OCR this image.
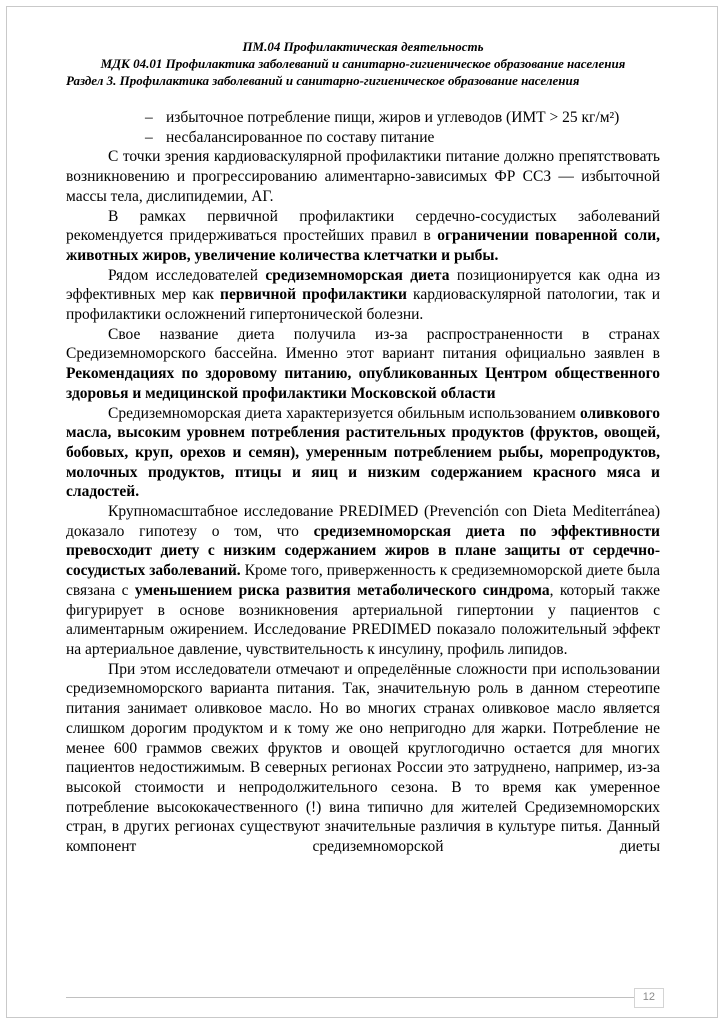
ПМ.04 Профилактическая деятельность
МДК 04.01 Профилактика заболеваний и санитарно-гигиеническое образование населения
Раздел 3. Профилактика заболеваний и санитарно-гигиеническое образование населения

– избыточное потребление пищи, жиров и углеводов (ИМТ > 25 кг/м²)

– несбалансированное по составу питание

С точки зрения кардиоваскулярной профилактики питание должно препятствовать возникновению и прогрессированию алиментарно-зависимых ФР ССЗ — избыточной массы тела, дислипидемии, АГ.

В рамках первичной профилактики сердечно-сосудистых заболеваний рекомендуется придерживаться простейших правил в ограничении поваренной соли, животных жиров, увеличение количества клетчатки и рыбы.

Рядом исследователей средиземноморская диета позиционируется как одна из эффективных мер как первичной профилактики кардиоваскулярной патологии, так и профилактики осложнений гипертонической болезни.

Свое название диета получила из-за распространенности в странах Средиземноморского бассейна. Именно этот вариант питания официально заявлен в Рекомендациях по здоровому питанию, опубликованных Центром общественного здоровья и медицинской профилактики Московской области

Средиземноморская диета характеризуется обильным использованием оливкового масла, высоким уровнем потребления растительных продуктов (фруктов, овощей, бобовых, круп, орехов и семян), умеренным потреблением рыбы, морепродуктов, молочных продуктов, птицы и яиц и низким содержанием красного мяса и сладостей.

Крупномасштабное исследование PREDIMED (Prevención con Dieta Mediterránea) доказало гипотезу о том, что средиземноморская диета по эффективности превосходит диету с низким содержанием жиров в плане защиты от сердечно-сосудистых заболеваний. Кроме того, приверженность к средиземноморской диете была связана с уменьшением риска развития метаболического синдрома, который также фигурирует в основе возникновения артериальной гипертонии у пациентов с алиментарным ожирением. Исследование PREDIMED показало положительный эффект на артериальное давление, чувствительность к инсулину, профиль липидов.

При этом исследователи отмечают и определённые сложности при использовании средиземноморского варианта питания. Так, значительную роль в данном стереотипе питания занимает оливковое масло. Но во многих странах оливковое масло является слишком дорогим продуктом и к тому же оно непригодно для жарки. Потребление не менее 600 граммов свежих фруктов и овощей круглогодично остается для многих пациентов недостижимым. В северных регионах России это затруднено, например, из-за высокой стоимости и непродолжительного сезона. В то время как умеренное потребление высококачественного (!) вина типично для жителей Средиземноморских стран, в других регионах существуют значительные различия в культуре питья. Данный компонент средиземноморской диеты

12
